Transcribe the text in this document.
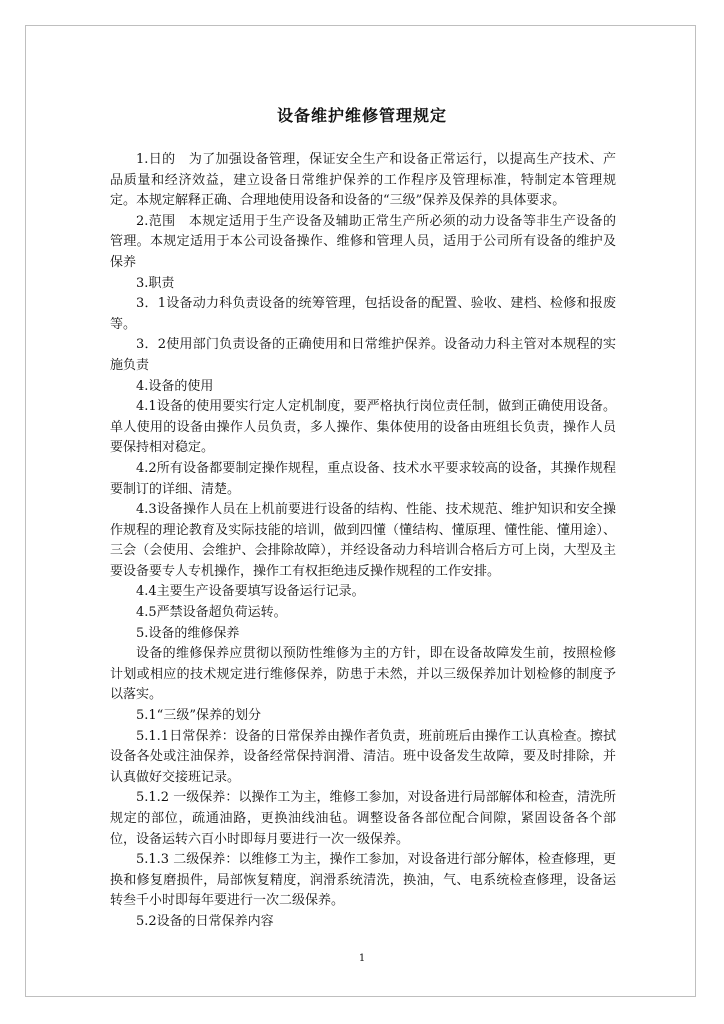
设备维护维修管理规定

1.日的　为了加强设备管理，保证安全生产和设备正常运行，以提高生产技术、产品质量和经济效益，建立设备日常维护保养的工作程序及管理标准，特制定本管理规定。本规定解释正确、合理地使用设备和设备的“三级”保养及保养的具体要求。

2.范围　本规定适用于生产设备及辅助正常生产所必须的动力设备等非生产设备的管理。本规定适用于本公司设备操作、维修和管理人员，适用于公司所有设备的维护及保养

3.职责

3．1设备动力科负责设备的统筹管理，包括设备的配置、验收、建档、检修和报废等。

3．2使用部门负责设备的正确使用和日常维护保养。设备动力科主管对本规程的实施负责

4.设备的使用

4.1设备的使用要实行定人定机制度，要严格执行岗位责任制，做到正确使用设备。单人使用的设备由操作人员负责，多人操作、集体使用的设备由班组长负责，操作人员要保持相对稳定。

4.2所有设备都要制定操作规程，重点设备、技术水平要求较高的设备，其操作规程要制订的详细、清楚。

4.3设备操作人员在上机前要进行设备的结构、性能、技术规范、维护知识和安全操作规程的理论教育及实际技能的培训，做到四懂（懂结构、懂原理、懂性能、懂用途）、三会（会使用、会维护、会排除故障），并经设备动力科培训合格后方可上岗，大型及主要设备要专人专机操作，操作工有权拒绝违反操作规程的工作安排。

4.4主要生产设备要填写设备运行记录。

4.5严禁设备超负荷运转。

5.设备的维修保养

设备的维修保养应贯彻以预防性维修为主的方针，即在设备故障发生前，按照检修计划或相应的技术规定进行维修保养，防患于未然，并以三级保养加计划检修的制度予以落实。

5.1“三级”保养的划分

5.1.1日常保养：设备的日常保养由操作者负责，班前班后由操作工认真检查。擦拭设备各处或注油保养，设备经常保持润滑、清洁。班中设备发生故障，要及时排除，并认真做好交接班记录。

5.1.2 一级保养：以操作工为主，维修工参加，对设备进行局部解体和检查，清洗所规定的部位，疏通油路，更换油线油毡。调整设备各部位配合间隙，紧固设备各个部位，设备运转六百小时即每月要进行一次一级保养。

5.1.3 二级保养：以维修工为主，操作工参加，对设备进行部分解体，检查修理，更换和修复磨损件，局部恢复精度，润滑系统清洗，换油，气、电系统检查修理，设备运转叁千小时即每年要进行一次二级保养。

5.2设备的日常保养内容

1
